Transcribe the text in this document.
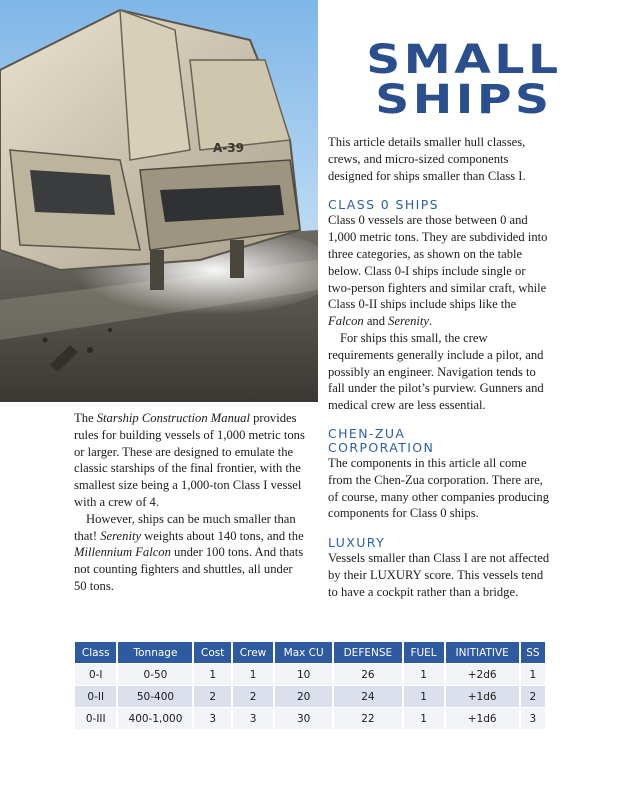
A-39
SMALL
SHIPS

This article details smaller hull classes, crews, and micro-sized components designed for ships smaller than Class I.

CLASS 0 SHIPS

Class 0 vessels are those between 0 and 1,000 metric tons. They are subdivided into three categories, as shown on the table below. Class 0-I ships include single or two-person fighters and similar craft, while Class 0-II ships include ships like the Falcon and Serenity.

For ships this small, the crew requirements generally include a pilot, and possibly an engineer. Navigation tends to fall under the pilot’s purview. Gunners and medical crew are less essential.

CHEN-ZUA
CORPORATION

The components in this article all come from the Chen-Zua corporation. There are, of course, many other companies producing components for Class 0 ships.

LUXURY

Vessels smaller than Class I are not affected by their LUXURY score. This vessels tend to have a cockpit rather than a bridge.

The Starship Construction Manual provides rules for building vessels of 1,000 metric tons or larger. These are designed to emulate the classic starships of the final frontier, with the smallest size being a 1,000-ton Class I vessel with a crew of 4.

However, ships can be much smaller than that! Serenity weights about 140 tons, and the Millennium Falcon under 100 tons. And thats not counting fighters and shuttles, all under 50 tons.

Class	Tonnage	Cost	Crew	Max CU	DEFENSE	FUEL	INITIATIVE	SS
0-I	0-50	1	1	10	26	1	+2d6	1
0-II	50-400	2	2	20	24	1	+1d6	2
0-III	400-1,000	3	3	30	22	1	+1d6	3
